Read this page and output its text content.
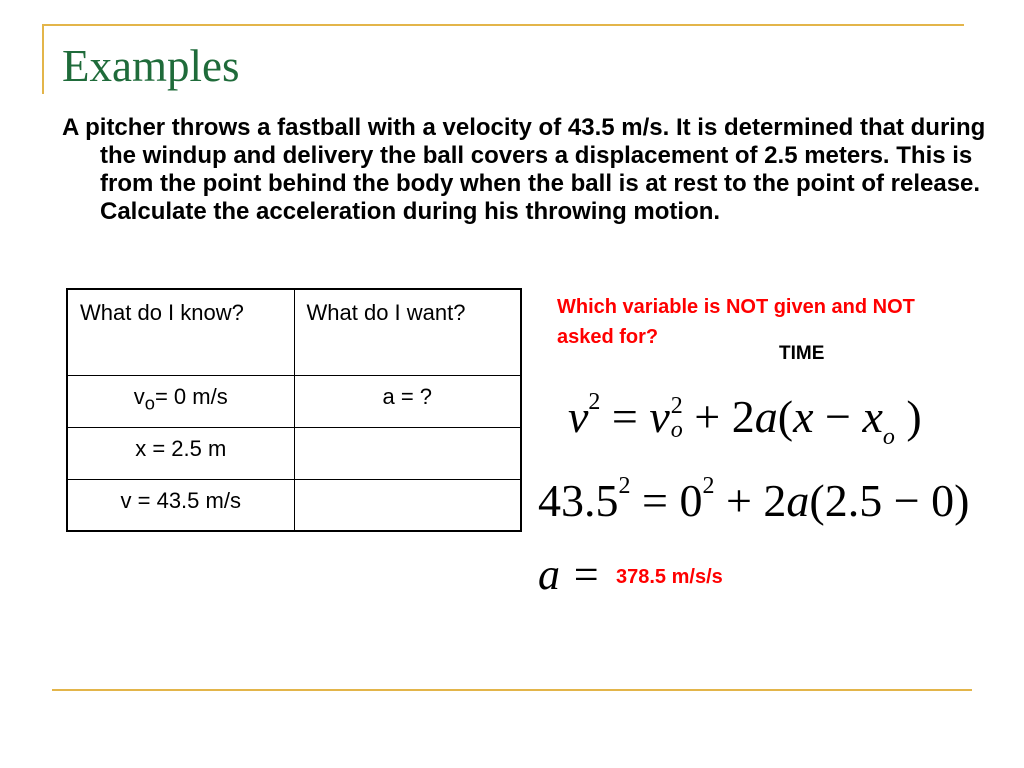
Examples
A pitcher throws a fastball with a velocity of 43.5 m/s. It is determined that during the windup and delivery the ball covers a displacement of 2.5 meters. This is from the point behind the body when the ball is at rest to the point of release. Calculate the acceleration during his throwing motion.
What do I know?	What do I want?
$v_o= 0$ m/s	a = ?
x = 2.5 m	
v = 43.5 m/s	
Which variable is NOT given and NOT asked for?
TIME
$v^2 = v$ 2
$o + 2a(x - x_o$ )
$43.5^2 = 0^2 + 2a(2.5 - 0)$
a = 378.5 m/s/s
